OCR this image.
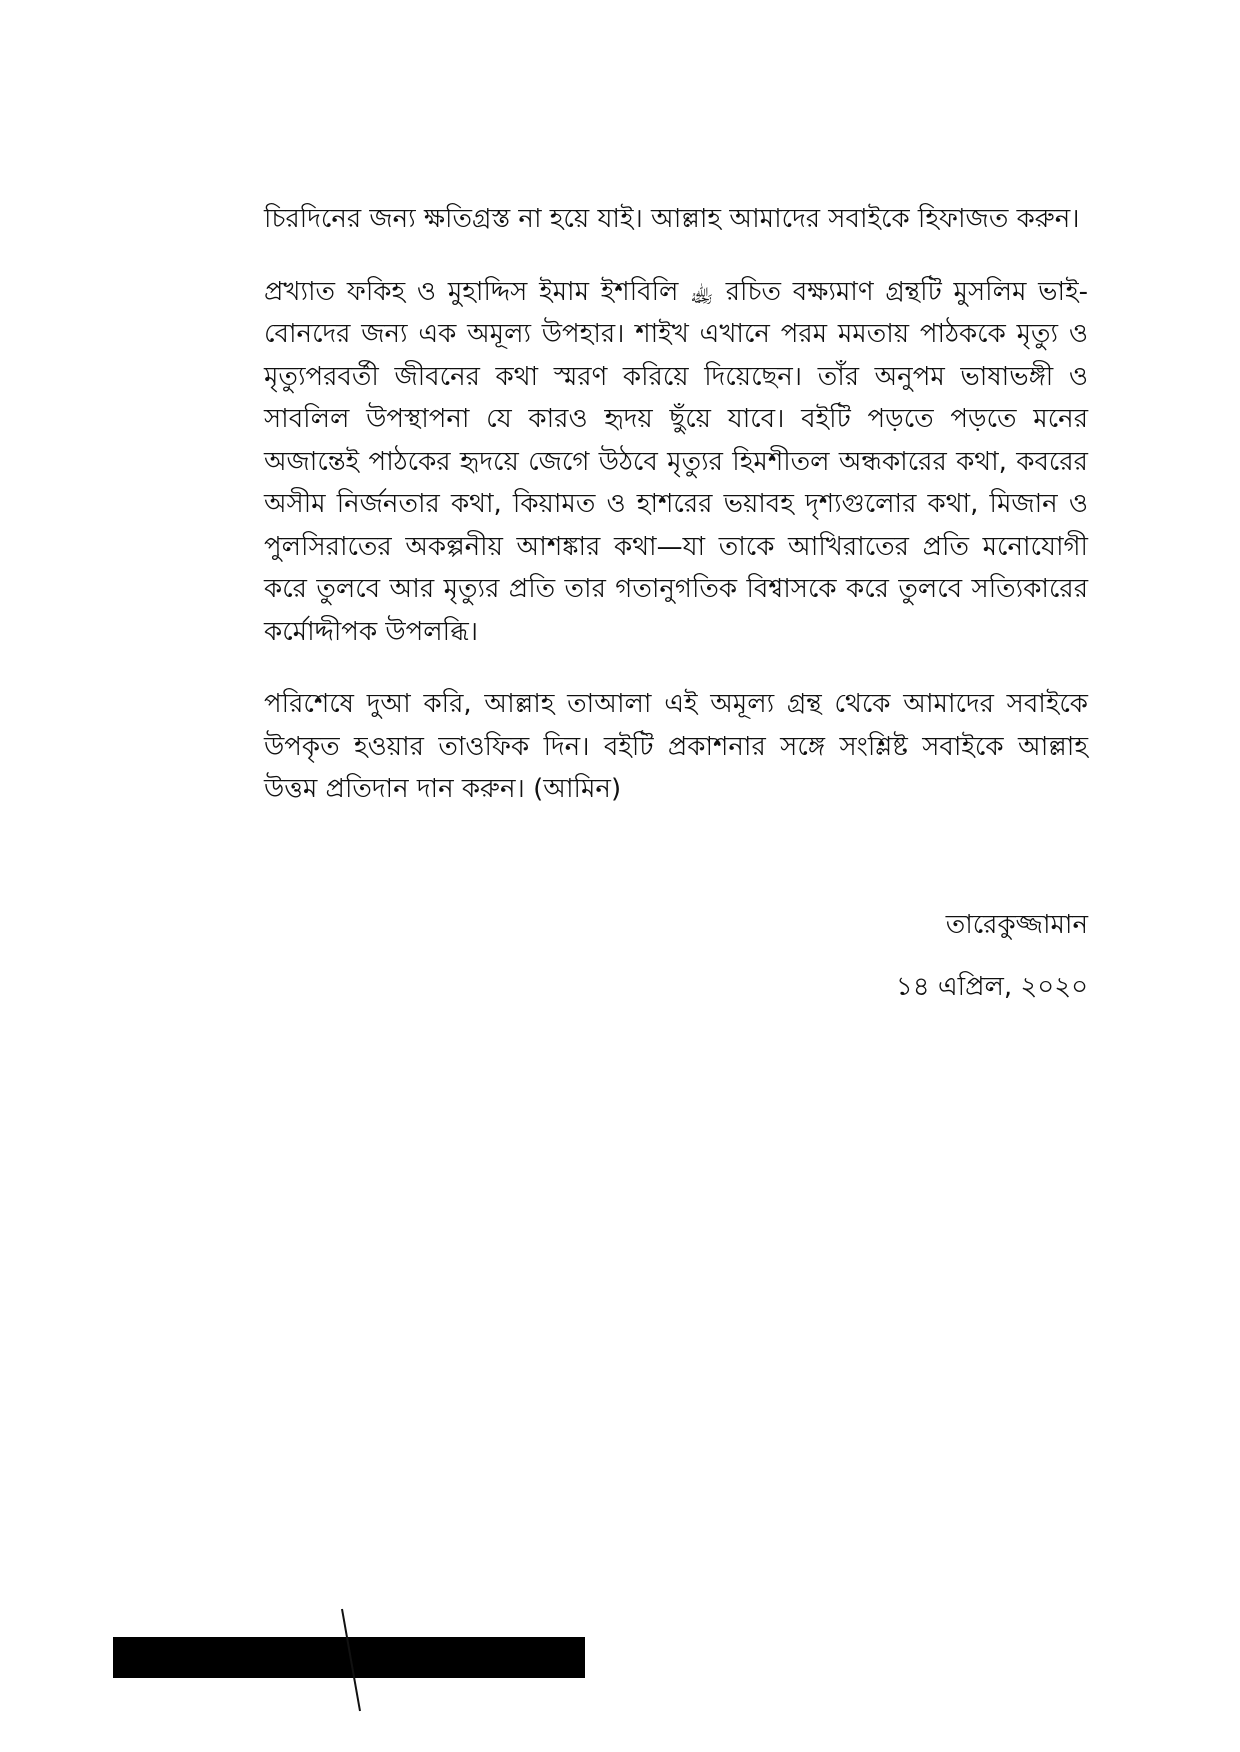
চিরদিনের জন্য ক্ষতিগ্রস্ত না হয়ে যাই। আল্লাহ আমাদের সবাইকে হিফাজত করুন।

প্রখ্যাত ফকিহ ও মুহাদ্দিস ইমাম ইশবিলি ﵀ রচিত বক্ষ্যমাণ গ্রন্থটি মুসলিম ভাই-বোনদের জন্য এক অমূল্য উপহার। শাইখ এখানে পরম মমতায় পাঠককে মৃত্যু ও মৃত্যুপরবর্তী জীবনের কথা স্মরণ করিয়ে দিয়েছেন। তাঁর অনুপম ভাষাভঙ্গী ও সাবলিল উপস্থাপনা যে কারও হৃদয় ছুঁয়ে যাবে। বইটি পড়তে পড়তে মনের অজান্তেই পাঠকের হৃদয়ে জেগে উঠবে মৃত্যুর হিমশীতল অন্ধকারের কথা, কবরের অসীম নির্জনতার কথা, কিয়ামত ও হাশরের ভয়াবহ দৃশ্যগুলোর কথা, মিজান ও পুলসিরাতের অকল্পনীয় আশঙ্কার কথা—যা তাকে আখিরাতের প্রতি মনোযোগী করে তুলবে আর মৃত্যুর প্রতি তার গতানুগতিক বিশ্বাসকে করে তুলবে সত্যিকারের কর্মোদ্দীপক উপলব্ধি।

পরিশেষে দুআ করি, আল্লাহ তাআলা এই অমূল্য গ্রন্থ থেকে আমাদের সবাইকে উপকৃত হওয়ার তাওফিক দিন। বইটি প্রকাশনার সঙ্গে সংশ্লিষ্ট সবাইকে আল্লাহ উত্তম প্রতিদান দান করুন। (আমিন)

তারেকুজ্জামান
১৪ এপ্রিল, ২০২০
